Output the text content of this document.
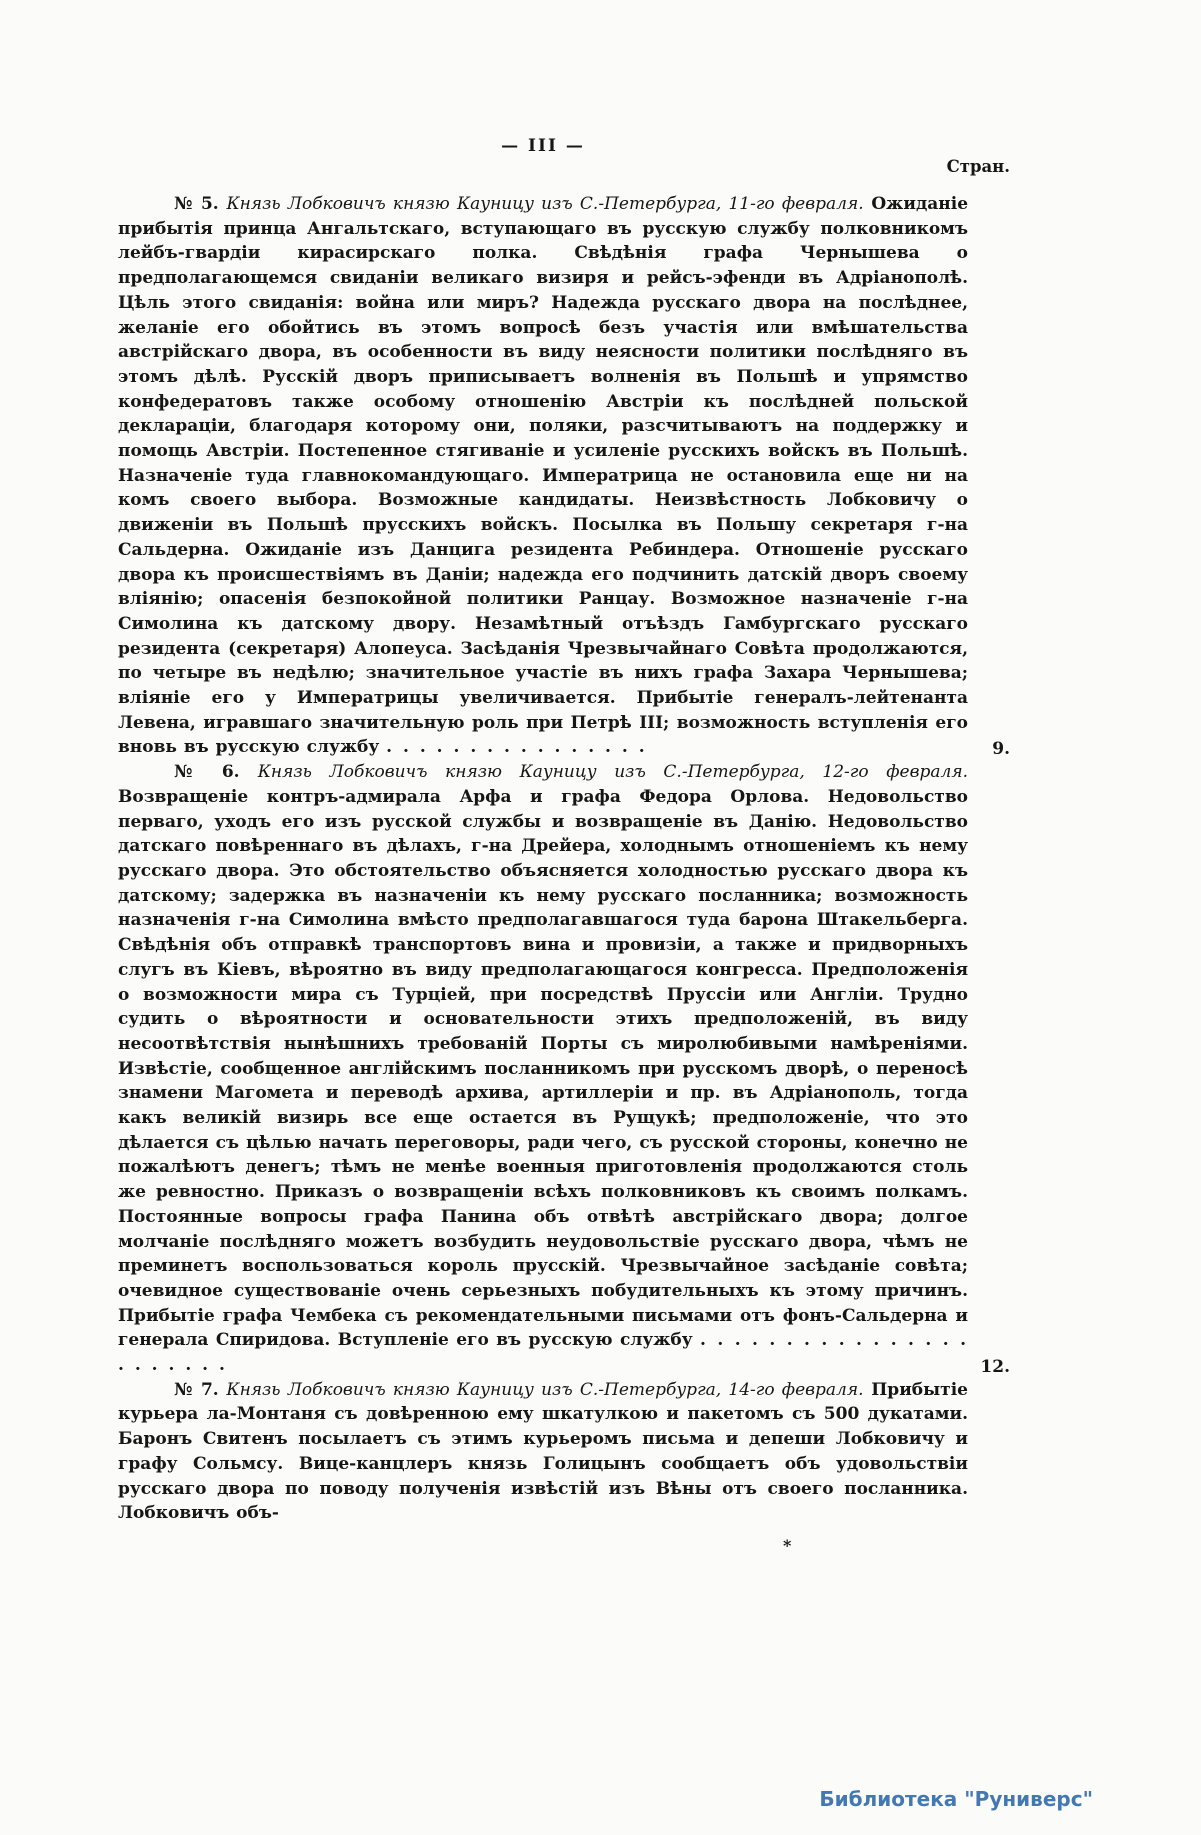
— III —
Стран.

№ 5. Князь Лобковичъ князю Кауницу изъ С.-Петербурга, 11-го февраля. Ожиданіе прибытія принца Ангальтскаго, вступающаго въ русскую службу полковникомъ лейбъ-гвардіи кирасирскаго полка. Свѣдѣнія графа Чернышева о предполагающемся свиданіи великаго визиря и рейсъ-эфенди въ Адріанополѣ. Цѣль этого свиданія: война или миръ? Надежда русскаго двора на послѣднее, желаніе его обойтись въ этомъ вопросѣ безъ участія или вмѣшательства австрійскаго двора, въ особенности въ виду неясности политики послѣдняго въ этомъ дѣлѣ. Русскій дворъ приписываетъ волненія въ Польшѣ и упрямство конфедератовъ также особому отношенію Австріи къ послѣдней польской деклараціи, благодаря которому они, поляки, разсчитываютъ на поддержку и помощь Австріи. Постепенное стягиваніе и усиленіе русскихъ войскъ въ Польшѣ. Назначеніе туда главнокомандующаго. Императрица не остановила еще ни на комъ своего выбора. Возможные кандидаты. Неизвѣстность Лобковичу о движеніи въ Польшѣ прусскихъ войскъ. Посылка въ Польшу секретаря г-на Сальдерна. Ожиданіе изъ Данцига резидента Ребиндера. Отношеніе русскаго двора къ происшествіямъ въ Даніи; надежда его подчинить датскій дворъ своему вліянію; опасенія безпокойной политики Ранцау. Возможное назначеніе г-на Симолина къ датскому двору. Незамѣтный отъѣздъ Гамбургскаго русскаго резидента (секретаря) Алопеуса. Засѣданія Чрезвычайнаго Совѣта продолжаются, по четыре въ недѣлю; значительное участіе въ нихъ графа Захара Чернышева; вліяніе его у Императрицы увеличивается. Прибытіе генералъ-лейтенанта Левена, игравшаго значительную роль при Петрѣ III; возможность вступленія его вновь въ русскую службу . . . . . . . . . . . . . . . .	9.

№ 6. Князь Лобковичъ князю Кауницу изъ С.-Петербурга, 12-го февраля. Возвращеніе контръ-адмирала Арфа и графа Федора Орлова. Недовольство перваго, уходъ его изъ русской службы и возвращеніе въ Данію. Недовольство датскаго повѣреннаго въ дѣлахъ, г-на Дрейера, холоднымъ отношеніемъ къ нему русскаго двора. Это обстоятельство объясняется холодностью русскаго двора къ датскому; задержка въ назначеніи къ нему русскаго посланника; возможность назначенія г-на Симолина вмѣсто предполагавшагося туда барона Штакельберга. Свѣдѣнія объ отправкѣ транспортовъ вина и провизіи, а также и придворныхъ слугъ въ Кіевъ, вѣроятно въ виду предполагающагося конгресса. Предположенія о возможности мира съ Турціей, при посредствѣ Пруссіи или Англіи. Трудно судить о вѣроятности и основательности этихъ предположеній, въ виду несоотвѣтствія нынѣшнихъ требованій Порты съ миролюбивыми намѣреніями. Извѣстіе, сообщенное англійскимъ посланникомъ при русскомъ дворѣ, о переносѣ знамени Магомета и переводѣ архива, артиллеріи и пр. въ Адріанополь, тогда какъ великій визирь все еще остается въ Рущукѣ; предположеніе, что это дѣлается съ цѣлью начать переговоры, ради чего, съ русской стороны, конечно не пожалѣютъ денегъ; тѣмъ не менѣе военныя приготовленія продолжаются столь же ревностно. Приказъ о возвращеніи всѣхъ полковниковъ къ своимъ полкамъ. Постоянные вопросы графа Панина объ отвѣтѣ австрійскаго двора; долгое молчаніе послѣдняго можетъ возбудить неудовольствіе русскаго двора, чѣмъ не преминетъ воспользоваться король прусскій. Чрезвычайное засѣданіе совѣта; очевидное существованіе очень серьезныхъ побудительныхъ къ этому причинъ. Прибытіе графа Чембека съ рекомендательными письмами отъ фонъ-Сальдерна и генерала Спиридова. Вступленіе его въ русскую службу . . . . . . . . . . . . . . . . . . . . . . .	12.

№ 7. Князь Лобковичъ князю Кауницу изъ С.-Петербурга, 14-го февраля. Прибытіе курьера ла-Монтаня съ довѣренною ему шкатулкою и пакетомъ съ 500 дукатами. Баронъ Свитенъ посылаетъ съ этимъ курьеромъ письма и депеши Лобковичу и графу Сольмсу. Вице-канцлеръ князь Голицынъ сообщаетъ объ удовольствіи русскаго двора по поводу полученія извѣстій изъ Вѣны отъ своего посланника. Лобковичъ объ-

*
Библиотека "Руниверс"
